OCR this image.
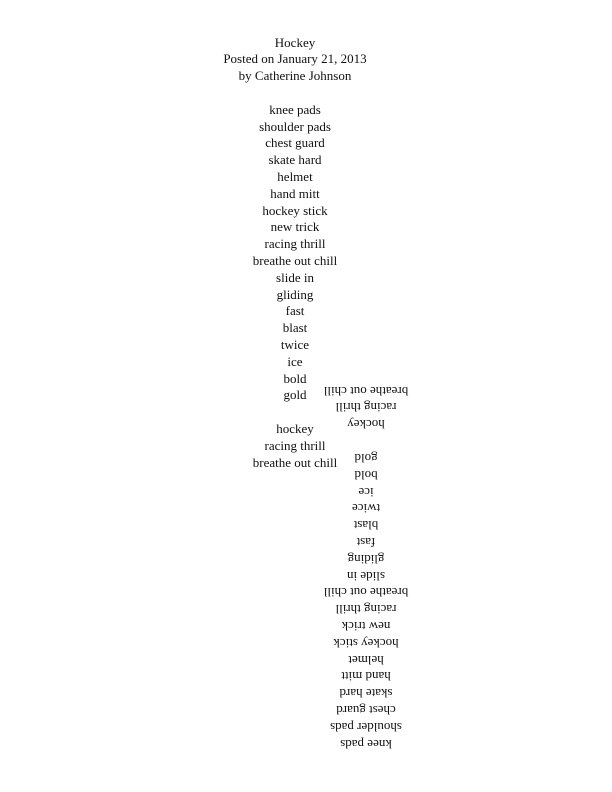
Hockey
Posted on January 21, 2013
by Catherine Johnson
knee pads
shoulder pads
chest guard
skate hard
helmet
hand mitt
hockey stick
new trick
racing thrill
breathe out chill
slide in
gliding
fast
blast
twice
ice
bold
gold breathe out chill
racing thrill
hockey
hockey
racing thrill
breathe out chill gold
bold
ice
twice
blast
fast
gliding
slide in
breathe out chill
racing thrill
new trick
hockey stick
helmet
hand mitt
skate hard
chest guard
shoulder pads
knee pads
